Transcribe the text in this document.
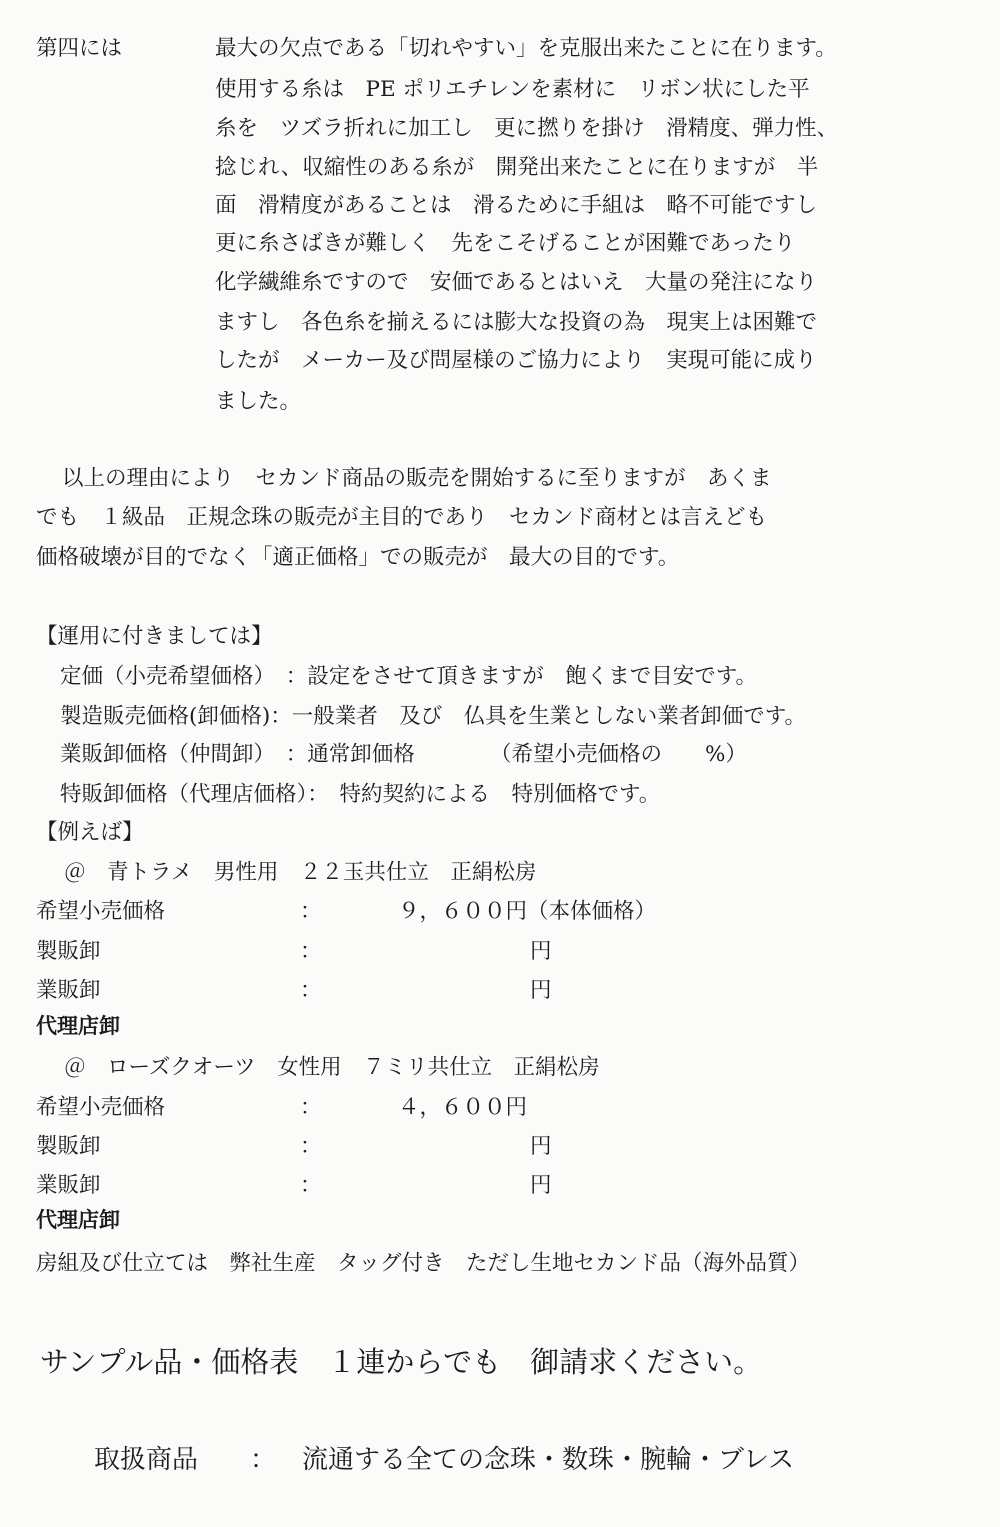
第四には	最大の欠点である「切れやすい」を克服出来たことに在ります。
使用する糸は　PE ポリエチレンを素材に　リボン状にした平
糸を　ツズラ折れに加工し　更に撚りを掛け　滑精度、弾力性、
捻じれ、収縮性のある糸が　開発出来たことに在りますが　半
面　滑精度があることは　滑るために手組は　略不可能ですし
更に糸さばきが難しく　先をこそげることが困難であったり
化学繊維糸ですので　安価であるとはいえ　大量の発注になり
ますし　各色糸を揃えるには膨大な投資の為　現実上は困難で
したが　メーカー及び問屋様のご協力により　実現可能に成り
ました。
以上の理由により　セカンド商品の販売を開始するに至りますが　あくま
でも　１級品　正規念珠の販売が主目的であり　セカンド商材とは言えども
価格破壊が目的でなく「適正価格」での販売が　最大の目的です。
【運用に付きましては】
定価（小売希望価格）　：設定をさせて頂きますが　飽くまで目安です。
製造販売価格(卸価格)：一般業者　及び　仏具を生業としない業者卸価です。
業販卸価格（仲間卸）　：通常卸価格　　　　（希望小売価格の　　%）
特販卸価格（代理店価格）：　特約契約による　特別価格です。
【例えば】
＠　青トラメ　男性用　２２玉共仕立　正絹松房
希望小売価格	：	９，６００円（本体価格）
製販卸	：	円
業販卸	：	円
代理店卸
＠　ローズクオーツ　女性用　７ミリ共仕立　正絹松房
希望小売価格	：	４，６００円
製販卸	：	円
業販卸	：	円
代理店卸
房組及び仕立ては　弊社生産　タッグ付き　ただし生地セカンド品（海外品質）
サンプル品・価格表　１連からでも　御請求ください。
取扱商品 ： 流通する全ての念珠・数珠・腕輪・ブレス
